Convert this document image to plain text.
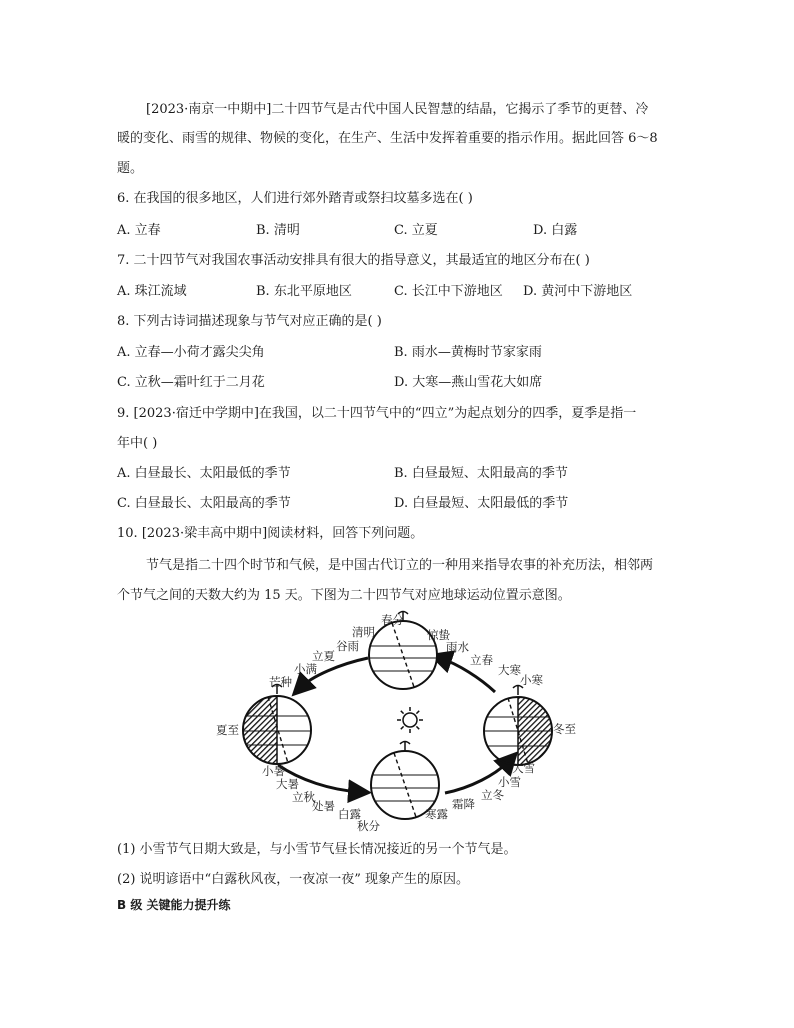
[2023·南京一中期中]二十四节气是古代中国人民智慧的结晶，它揭示了季节的更替、冷
暖的变化、雨雪的规律、物候的变化，在生产、生活中发挥着重要的指示作用。据此回答 6～8
题。
6. 在我国的很多地区，人们进行郊外踏青或祭扫坟墓多选在( )
A. 立春	B. 清明	C. 立夏	D. 白露
7. 二十四节气对我国农事活动安排具有很大的指导意义，其最适宜的地区分布在( )
A. 珠江流域	B. 东北平原地区	C. 长江中下游地区 D. 黄河中下游地区
8. 下列古诗词描述现象与节气对应正确的是( )
A. 立春—小荷才露尖尖角	B. 雨水—黄梅时节家家雨
C. 立秋—霜叶红于二月花	D. 大寒—燕山雪花大如席
9. [2023·宿迁中学期中]在我国，以二十四节气中的“四立”为起点划分的四季，夏季是指一
年中( )
A. 白昼最长、太阳最低的季节	B. 白昼最短、太阳最高的季节
C. 白昼最长、太阳最高的季节	D. 白昼最短、太阳最低的季节
10. [2023·梁丰高中期中]阅读材料，回答下列问题。
节气是指二十四个时节和气候，是中国古代订立的一种用来指导农事的补充历法，相邻两
个节气之间的天数大约为 15 天。下图为二十四节气对应地球运动位置示意图。
春分
清明	惊蛰
谷雨	雨水
立夏	立春
小满	大寒
小寒
芒种
夏至	冬至
小暑
大暑
立秋
处暑
白露
秋分
寒露
霜降
立冬
小雪
大雪
(1) 小雪节气日期大致是，与小雪节气昼长情况接近的另一个节气是。
(2) 说明谚语中“白露秋风夜，一夜凉一夜” 现象产生的原因。
B 级 关键能力提升练
